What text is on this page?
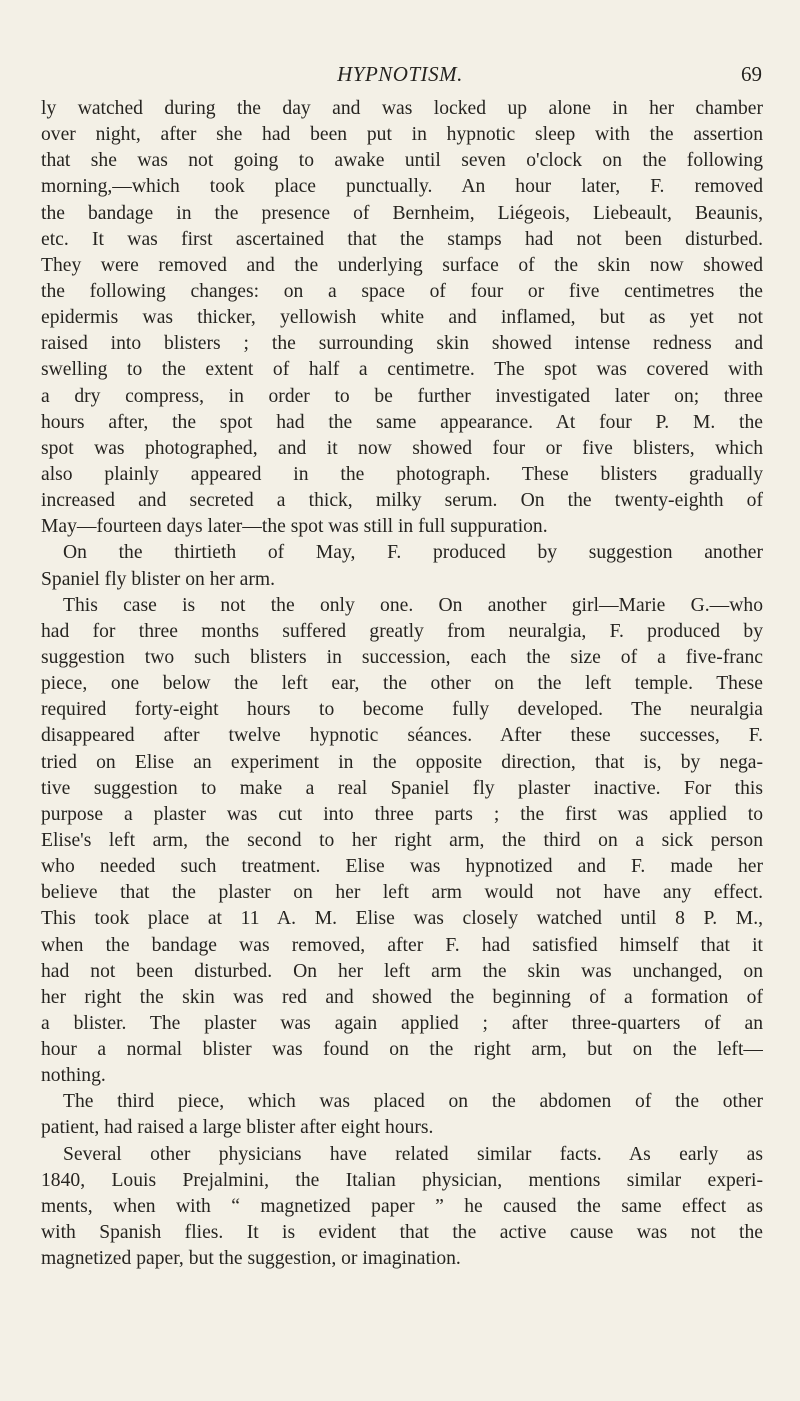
HYPNOTISM.	69
ly watched during the day and was locked up alone in her chamber
over night, after she had been put in hypnotic sleep with the assertion
that she was not going to awake until seven o'clock on the following
morning,—which took place punctually. An hour later, F. removed
the bandage in the presence of Bernheim, Liégeois, Liebeault, Beaunis,
etc. It was first ascertained that the stamps had not been disturbed.
They were removed and the underlying surface of the skin now showed
the following changes: on a space of four or five centimetres the
epidermis was thicker, yellowish white and inflamed, but as yet not
raised into blisters ; the surrounding skin showed intense redness and
swelling to the extent of half a centimetre. The spot was covered with
a dry compress, in order to be further investigated later on; three
hours after, the spot had the same appearance. At four P. M. the
spot was photographed, and it now showed four or five blisters, which
also plainly appeared in the photograph. These blisters gradually
increased and secreted a thick, milky serum. On the twenty-eighth of
May—fourteen days later—the spot was still in full suppuration.
On the thirtieth of May, F. produced by suggestion another
Spaniel fly blister on her arm.
This case is not the only one. On another girl—Marie G.—who
had for three months suffered greatly from neuralgia, F. produced by
suggestion two such blisters in succession, each the size of a five-franc
piece, one below the left ear, the other on the left temple. These
required forty-eight hours to become fully developed. The neuralgia
disappeared after twelve hypnotic séances. After these successes, F.
tried on Elise an experiment in the opposite direction, that is, by nega-
tive suggestion to make a real Spaniel fly plaster inactive. For this
purpose a plaster was cut into three parts ; the first was applied to
Elise's left arm, the second to her right arm, the third on a sick person
who needed such treatment. Elise was hypnotized and F. made her
believe that the plaster on her left arm would not have any effect.
This took place at 11 A. M. Elise was closely watched until 8 P. M.,
when the bandage was removed, after F. had satisfied himself that it
had not been disturbed. On her left arm the skin was unchanged, on
her right the skin was red and showed the beginning of a formation of
a blister. The plaster was again applied ; after three-quarters of an
hour a normal blister was found on the right arm, but on the left—
nothing.
The third piece, which was placed on the abdomen of the other
patient, had raised a large blister after eight hours.
Several other physicians have related similar facts. As early as
1840, Louis Prejalmini, the Italian physician, mentions similar experi-
ments, when with “ magnetized paper ” he caused the same effect as
with Spanish flies. It is evident that the active cause was not the
magnetized paper, but the suggestion, or imagination.
